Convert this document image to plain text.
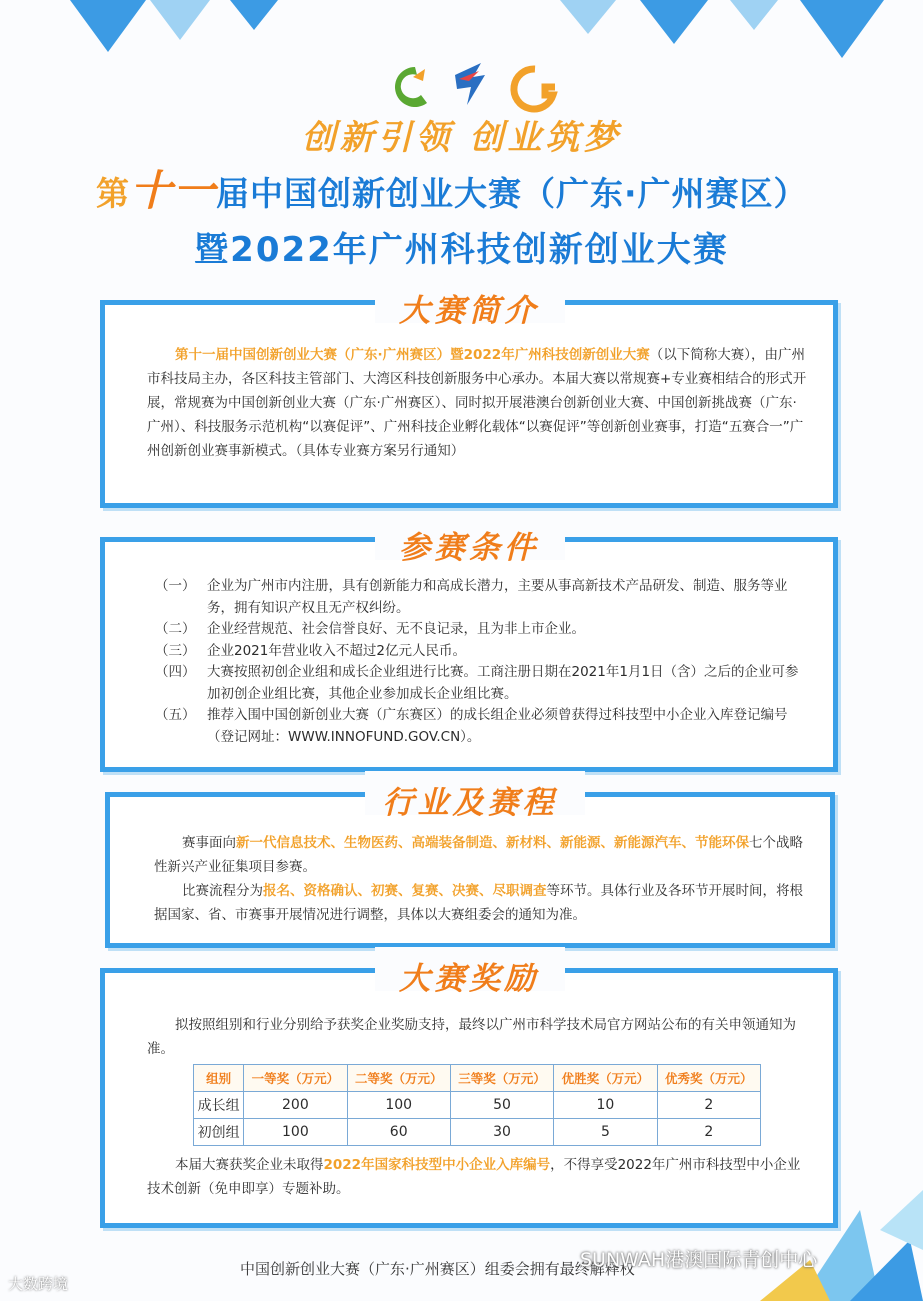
创新引领 创业筑梦
第十一届中国创新创业大赛（广东·广州赛区）
暨2022年广州科技创新创业大赛
大赛简介
第十一届中国创新创业大赛（广东·广州赛区）暨2022年广州科技创新创业大赛（以下简称大赛），由广州市科技局主办，各区科技主管部门、大湾区科技创新服务中心承办。本届大赛以常规赛+专业赛相结合的形式开展，常规赛为中国创新创业大赛（广东·广州赛区）、同时拟开展港澳台创新创业大赛、中国创新挑战赛（广东·广州）、科技服务示范机构“以赛促评”、广州科技企业孵化载体“以赛促评”等创新创业赛事，打造“五赛合一”广州创新创业赛事新模式。（具体专业赛方案另行通知）
参赛条件
（一） 企业为广州市内注册，具有创新能力和高成长潜力，主要从事高新技术产品研发、制造、服务等业务，拥有知识产权且无产权纠纷。
（二） 企业经营规范、社会信誉良好、无不良记录，且为非上市企业。
（三） 企业2021年营业收入不超过2亿元人民币。
（四） 大赛按照初创企业组和成长企业组进行比赛。工商注册日期在2021年1月1日（含）之后的企业可参加初创企业组比赛，其他企业参加成长企业组比赛。
（五） 推荐入围中国创新创业大赛（广东赛区）的成长组企业必须曾获得过科技型中小企业入库登记编号（登记网址：WWW.INNOFUND.GOV.CN）。
行业及赛程
赛事面向新一代信息技术、生物医药、高端装备制造、新材料、新能源、新能源汽车、节能环保七个战略性新兴产业征集项目参赛。
比赛流程分为报名、资格确认、初赛、复赛、决赛、尽职调查等环节。具体行业及各环节开展时间，将根据国家、省、市赛事开展情况进行调整，具体以大赛组委会的通知为准。
大赛奖励
拟按照组别和行业分别给予获奖企业奖励支持，最终以广州市科学技术局官方网站公布的有关申领通知为准。
组别	一等奖（万元）	二等奖（万元）	三等奖（万元）	优胜奖（万元）	优秀奖（万元）
成长组	200	100	50	10	2
初创组	100	60	30	5	2
本届大赛获奖企业未取得2022年国家科技型中小企业入库编号，不得享受2022年广州市科技型中小企业技术创新（免申即享）专题补助。
中国创新创业大赛（广东·广州赛区）组委会拥有最终解释权
SUNWAH港澳国际青创中心
大数跨境
